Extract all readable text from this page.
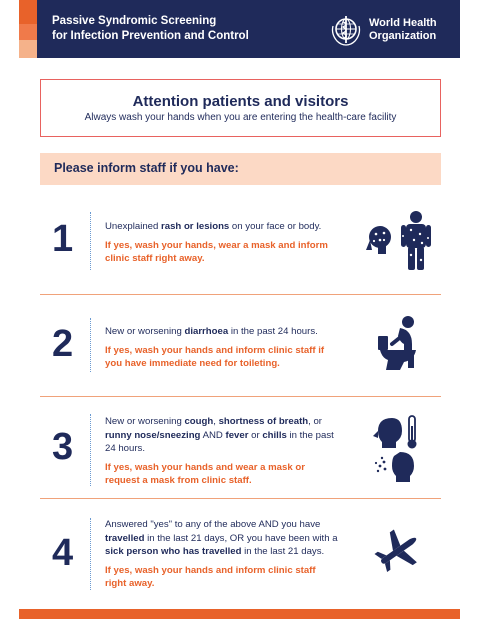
Passive Syndromic Screening
for Infection Prevention and Control
World Health
Organization
Attention patients and visitors
Always wash your hands when you are entering the health-care facility
Please inform staff if you have:
1	Unexplained rash or lesions on your face or body.
If yes, wash your hands, wear a mask and inform clinic staff right away.
2	New or worsening diarrhoea in the past 24 hours.
If yes, wash your hands and inform clinic staff if you have immediate need for toileting.
3
New or worsening cough, shortness of breath, or runny nose/sneezing AND fever or chills in the past 24 hours.
If yes, wash your hands and wear a mask or request a mask from clinic staff.
4
Answered "yes" to any of the above AND you have travelled in the last 21 days, OR you have been with a sick person who has travelled in the last 21 days.
If yes, wash your hands and inform clinic staff right away.
